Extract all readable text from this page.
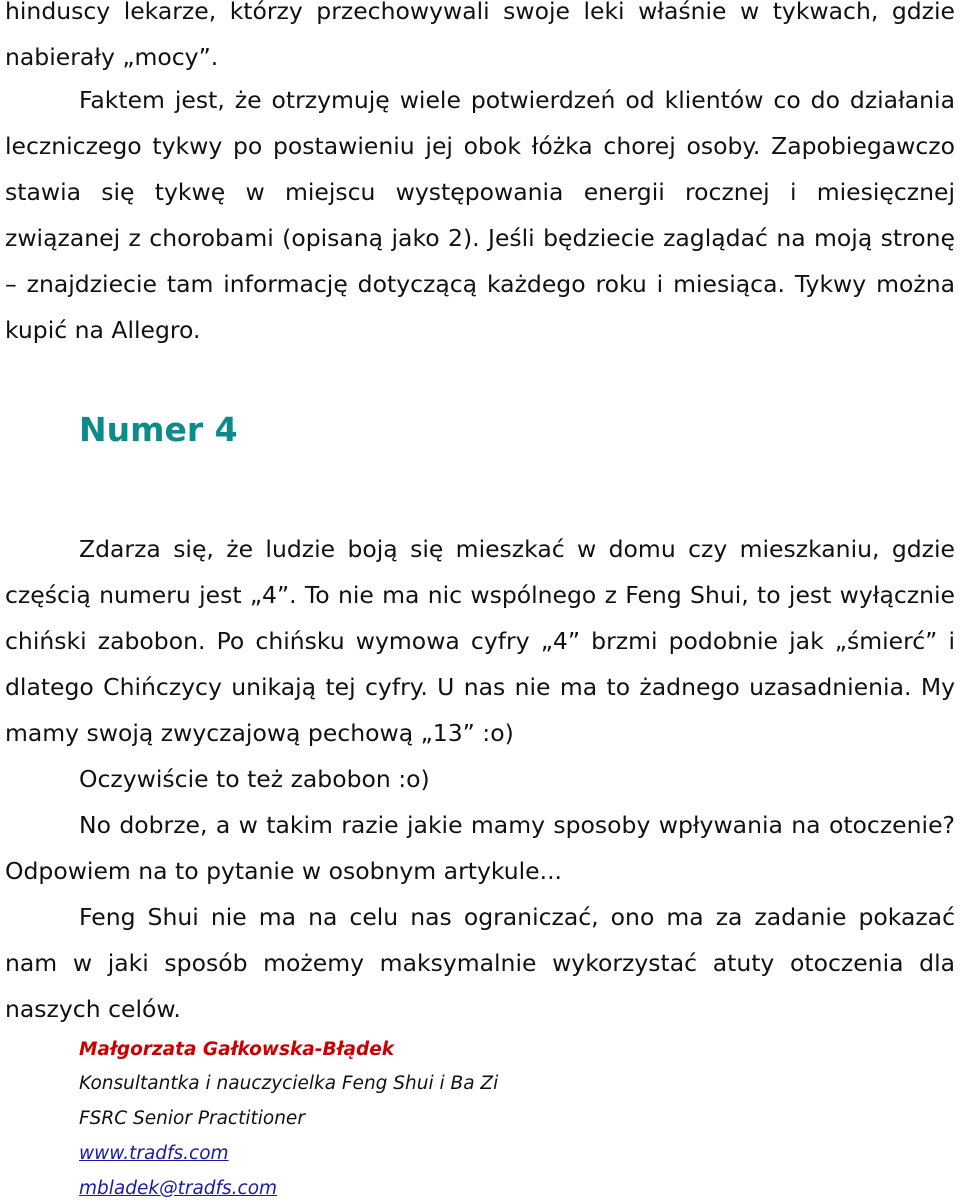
hinduscy lekarze, którzy przechowywali swoje leki właśnie w tykwach, gdzie nabierały „mocy”.

Faktem jest, że otrzymuję wiele potwierdzeń od klientów co do działania leczniczego tykwy po postawieniu jej obok łóżka chorej osoby. Zapobiegawczo stawia się tykwę w miejscu występowania energii rocznej i miesięcznej związanej z chorobami (opisaną jako 2). Jeśli będziecie zaglądać na moją stronę – znajdziecie tam informację dotyczącą każdego roku i miesiąca. Tykwy można kupić na Allegro.

Numer 4

Zdarza się, że ludzie boją się mieszkać w domu czy mieszkaniu, gdzie częścią numeru jest „4”. To nie ma nic wspólnego z Feng Shui, to jest wyłącznie chiński zabobon. Po chińsku wymowa cyfry „4” brzmi podobnie jak „śmierć” i dlatego Chińczycy unikają tej cyfry. U nas nie ma to żadnego uzasadnienia. My mamy swoją zwyczajową pechową „13” :o)

Oczywiście to też zabobon :o)

No dobrze, a w takim razie jakie mamy sposoby wpływania na otoczenie? Odpowiem na to pytanie w osobnym artykule...

Feng Shui nie ma na celu nas ograniczać, ono ma za zadanie pokazać nam w jaki sposób możemy maksymalnie wykorzystać atuty otoczenia dla naszych celów.

Małgorzata Gałkowska-Błądek

Konsultantka i nauczycielka Feng Shui i Ba Zi

FSRC Senior Practitioner

www.tradfs.com
mbladek@tradfs.com
